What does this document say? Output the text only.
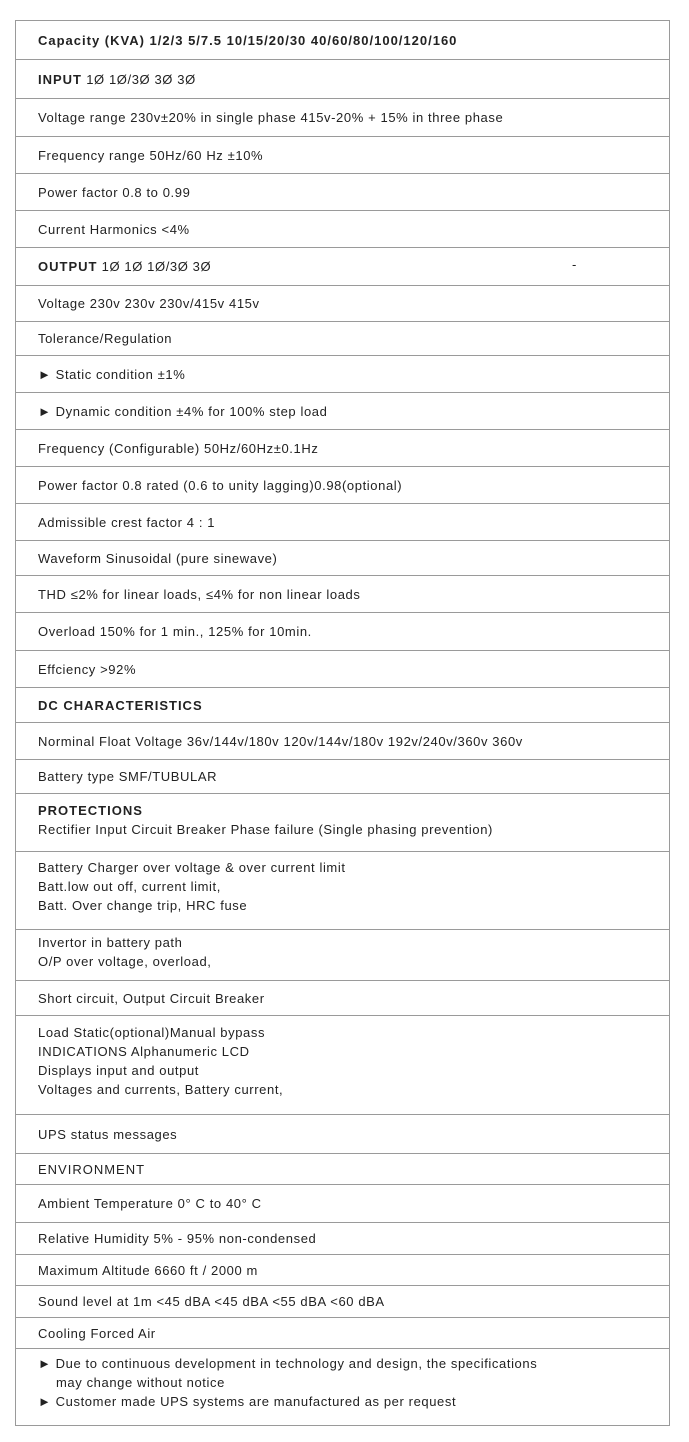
Capacity (KVA) 1/2/3 5/7.5 10/15/20/30 40/60/80/100/120/160
INPUT 1Ø 1Ø/3Ø 3Ø 3Ø
Voltage range 230v±20% in single phase 415v-20% + 15% in three phase
Frequency range 50Hz/60 Hz ±10%
Power factor 0.8 to 0.99
Current Harmonics <4%
OUTPUT 1Ø 1Ø 1Ø/3Ø 3Ø	-
Voltage 230v 230v 230v/415v 415v
Tolerance/Regulation
► Static condition ±1%
► Dynamic condition ±4% for 100% step load
Frequency (Configurable) 50Hz/60Hz±0.1Hz
Power factor 0.8 rated (0.6 to unity lagging)0.98(optional)
Admissible crest factor 4 : 1
Waveform Sinusoidal (pure sinewave)
THD ≤2% for linear loads, ≤4% for non linear loads
Overload 150% for 1 min., 125% for 10min.
Effciency >92%
DC CHARACTERISTICS
Norminal Float Voltage 36v/144v/180v 120v/144v/180v 192v/240v/360v 360v
Battery type SMF/TUBULAR
PROTECTIONS
Rectifier Input Circuit Breaker Phase failure (Single phasing prevention)
Battery Charger over voltage & over current limit
Batt.low out off, current limit,
Batt. Over change trip, HRC fuse
Invertor in battery path
O/P over voltage, overload,
Short circuit, Output Circuit Breaker
Load Static(optional)Manual bypass
INDICATIONS Alphanumeric LCD
Displays input and output
Voltages and currents, Battery current,
UPS status messages
ENVIRONMENT
Ambient Temperature 0° C to 40° C
Relative Humidity 5% - 95% non-condensed
Maximum Altitude 6660 ft / 2000 m
Sound level at 1m <45 dBA <45 dBA <55 dBA <60 dBA
Cooling Forced Air
► Due to continuous development in technology and design, the specifications
may change without notice
► Customer made UPS systems are manufactured as per request
